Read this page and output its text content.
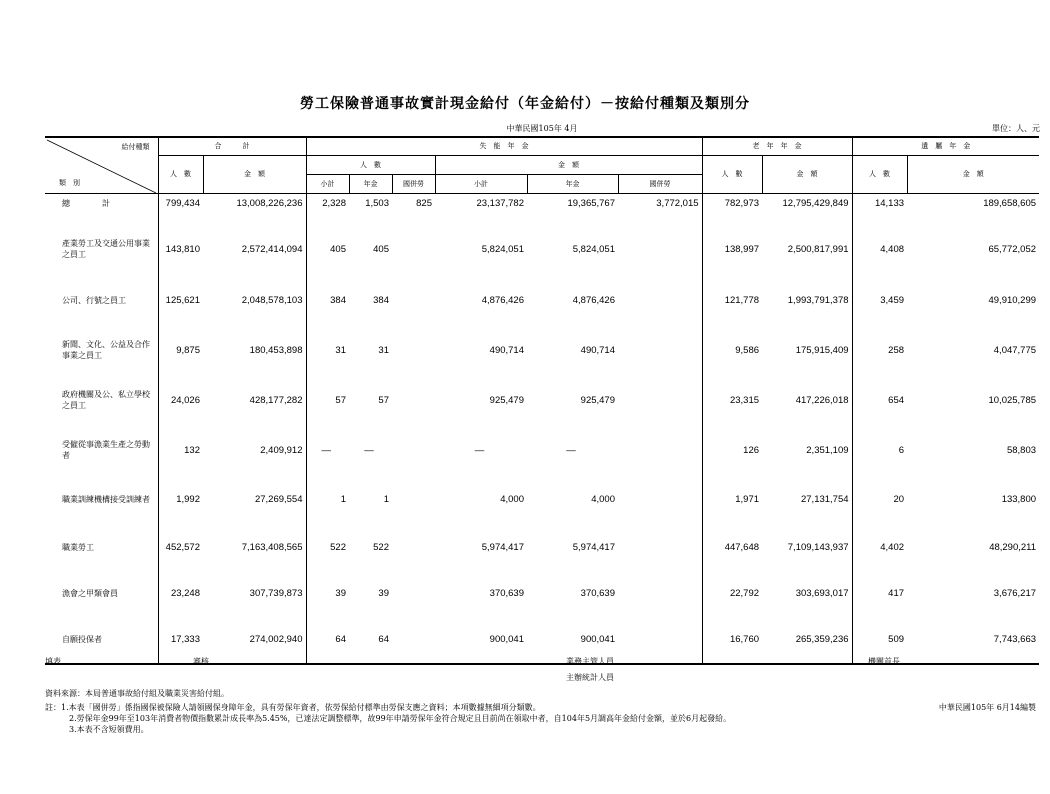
勞工保險普通事故實計現金給付（年金給付）－按給付種類及類別分
中華民國105年 4月	單位：人、元
給付種類
類　別	合　　　計		失　能　年　金						老　年　年　金		遺　屬　年　金	
	人　數	金　額	人　數			金　額			人　數	金　額	人　數	金　額
			小計	年金	國併勞	小計	年金	國併勞				
總　　　　計	799,434	13,008,226,236	2,328	1,503	825	23,137,782	19,365,767	3,772,015	782,973	12,795,429,849	14,133	189,658,605
產業勞工及交通公用事業之員工	143,810	2,572,414,094	405	405		5,824,051	5,824,051		138,997	2,500,817,991	4,408	65,772,052
公司、行號之員工	125,621	2,048,578,103	384	384		4,876,426	4,876,426		121,778	1,993,791,378	3,459	49,910,299
新聞、文化、公益及合作事業之員工	9,875	180,453,898	31	31		490,714	490,714		9,586	175,915,409	258	4,047,775
政府機關及公、私立學校之員工	24,026	428,177,282	57	57		925,479	925,479		23,315	417,226,018	654	10,025,785
受僱從事漁業生產之勞動者	132	2,409,912	—	—		—	—		126	2,351,109	6	58,803
職業訓練機構接受訓練者	1,992	27,269,554	1	1		4,000	4,000		1,971	27,131,754	20	133,800
職業勞工	452,572	7,163,408,565	522	522		5,974,417	5,974,417		447,648	7,109,143,937	4,402	48,290,211
漁會之甲類會員	23,248	307,739,873	39	39		370,639	370,639		22,792	303,693,017	417	3,676,217
自願投保者	17,333	274,002,940	64	64		900,041	900,041		16,760	265,359,236	509	7,743,663
填表	審核	業務主管人員
主辦統計人員
機關首長
資料來源：本局普通事故給付組及職業災害給付組。
註：1.本表「國併勞」係指國保被保險人請領國保身障年金，具有勞保年資者，依勞保給付標準由勞保支應之資料；本項數據無細項分類數。
2.勞保年金99年至103年消費者物價指數累計成長率為5.45%，已達法定調整標準，故99年申請勞保年金符合規定且目前尚在領取中者，自104年5月調高年金給付金額，並於6月起發給。
3.本表不含短領費用。
中華民國105年 6月14編製
